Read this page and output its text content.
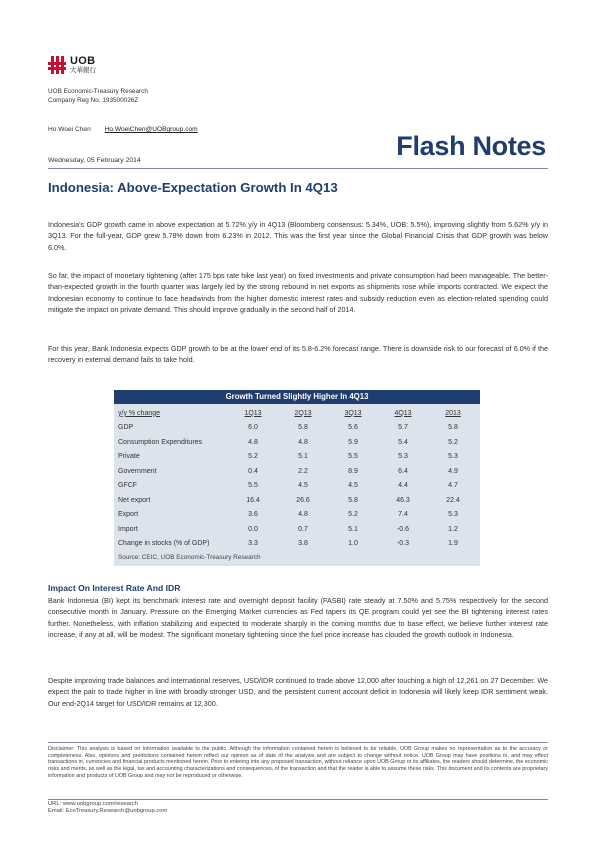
UOB
大華銀行
UOB Economic-Treasury Research
Company Reg No. 193500026Z
Ho Woei Chen Ho.WoeiChen@UOBgroup.com
Flash Notes
Wednesday, 05 February 2014
Indonesia: Above-Expectation Growth In 4Q13
Indonesia's GDP growth came in above expectation at 5.72% y/y in 4Q13 (Bloomberg consensus: 5.34%, UOB: 5.5%), improving slightly from 5.62% y/y in 3Q13. For the full-year, GDP grew 5.78% down from 6.23% in 2012. This was the first year since the Global Financial Crisis that GDP growth was below 6.0%.
So far, the impact of monetary tightening (after 175 bps rate hike last year) on fixed investments and private consumption had been manageable. The better-than-expected growth in the fourth quarter was largely led by the strong rebound in net exports as shipments rose while imports contracted. We expect the Indonesian economy to continue to face headwinds from the higher domestic interest rates and subsidy reduction even as election-related spending could mitigate the impact on private demand. This should improve gradually in the second half of 2014.
For this year, Bank Indonesia expects GDP growth to be at the lower end of its 5.8-6.2% forecast range. There is downside risk to our forecast of 6.0% if the recovery in external demand fails to take hold.
Growth Turned Slightly Higher In 4Q13
y/y % change	1Q13	2Q13	3Q13	4Q13	2013
GDP	6.0	5.8	5.6	5.7	5.8
Consumption Expenditures	4.8	4.8	5.9	5.4	5.2
Private	5.2	5.1	5.5	5.3	5.3
Government	0.4	2.2	8.9	6.4	4.9
GFCF	5.5	4.5	4.5	4.4	4.7
Net export	16.4	26.6	5.8	46.3	22.4
Export	3.6	4.8	5.2	7.4	5.3
Import	0.0	0.7	5.1	-0.6	1.2
Change in stocks (% of GDP)	3.3	3.8	1.0	-0.3	1.9
Source: CEIC, UOB Economic-Treasury Research
Impact On Interest Rate And IDR
Bank Indonesia (BI) kept its benchmark interest rate and overnight deposit facility (FASBI) rate steady at 7.50% and 5.75% respectively for the second consecutive month in January. Pressure on the Emerging Market currencies as Fed tapers its QE program could yet see the BI tightening interest rates further. Nonetheless, with inflation stabilizing and expected to moderate sharply in the coming months due to base effect, we believe further interest rate increase, if any at all, will be modest. The significant monetary tightening since the fuel price increase has clouded the growth outlook in Indonesia.
Despite improving trade balances and international reserves, USD/IDR continued to trade above 12,000 after touching a high of 12,261 on 27 December. We expect the pair to trade higher in line with broadly stronger USD, and the persistent current account deficit in Indonesia will likely keep IDR sentiment weak. Our end-2Q14 target for USD/IDR remains at 12,300.
Disclaimer: This analysis is based on information available to the public. Although the information contained herein is believed to be reliable, UOB Group makes no representation as to the accuracy or completeness. Also, opinions and predictions contained herein reflect our opinion as of date of the analysis and are subject to change without notice. UOB Group may have positions in, and may effect transactions in, currencies and financial products mentioned herein. Prior to entering into any proposed transaction, without reliance upon UOB Group or its affiliates, the readers should determine, the economic risks and merits, as well as the legal, tax and accounting characterizations and consequences, of the transaction and that the reader is able to assume these risks. This document and its contents are proprietary information and products of UOB Group and may not be reproduced or otherwise.
URL: www.uobgroup.com/research
Email: EcoTreasury.Research@uobgroup.com
